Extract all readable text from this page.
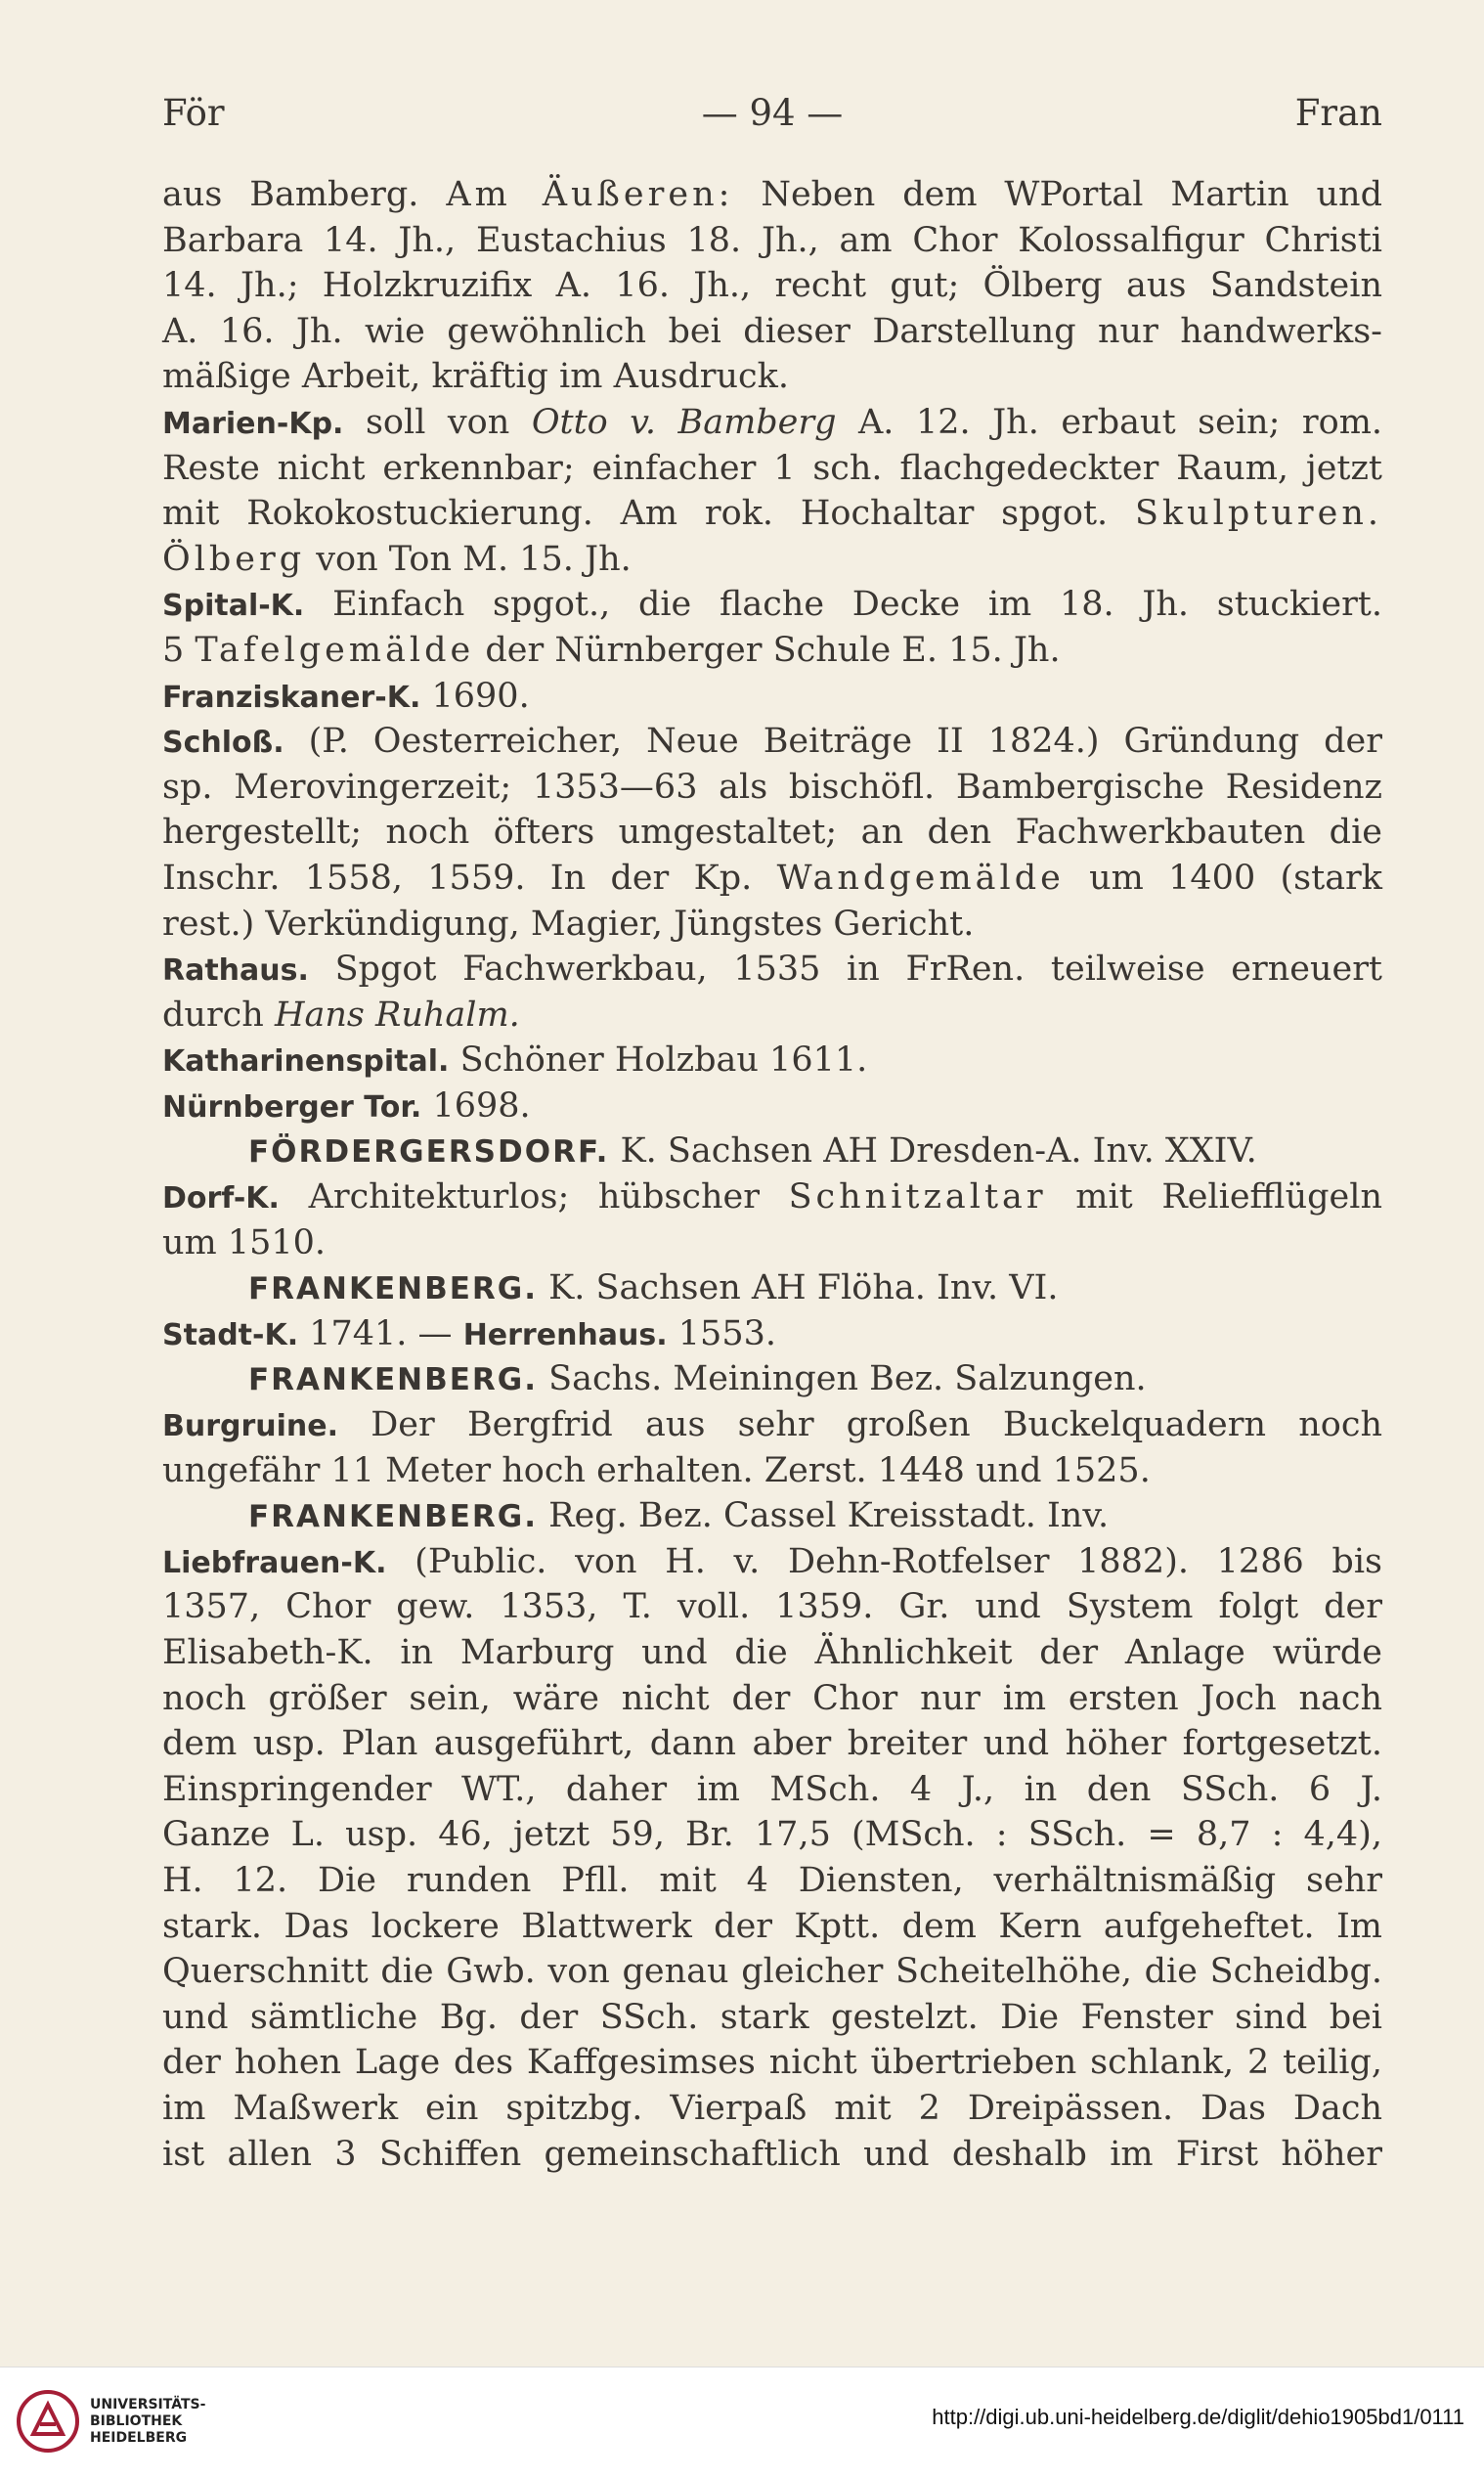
För	— 94 —	Fran
aus Bamberg. Am Äußeren: Neben dem WPortal Martin und
Barbara 14. Jh., Eustachius 18. Jh., am Chor Kolossalfigur Christi
14. Jh.; Holzkruzifix A. 16. Jh., recht gut; Ölberg aus Sandstein
A. 16. Jh. wie gewöhnlich bei dieser Darstellung nur handwerks-
mäßige Arbeit, kräftig im Ausdruck.
Marien-Kp. soll von Otto v. Bamberg A. 12. Jh. erbaut sein; rom.
Reste nicht erkennbar; einfacher 1 sch. flachgedeckter Raum, jetzt
mit Rokokostuckierung. Am rok. Hochaltar spgot. Skulpturen.
Ölberg von Ton M. 15. Jh.
Spital-K. Einfach spgot., die flache Decke im 18. Jh. stuckiert.
5 Tafelgemälde der Nürnberger Schule E. 15. Jh.
Franziskaner-K. 1690.
Schloß. (P. Oesterreicher, Neue Beiträge II 1824.) Gründung der
sp. Merovingerzeit; 1353—63 als bischöfl. Bambergische Residenz
hergestellt; noch öfters umgestaltet; an den Fachwerkbauten die
Inschr. 1558, 1559. In der Kp. Wandgemälde um 1400 (stark
rest.) Verkündigung, Magier, Jüngstes Gericht.
Rathaus. Spgot Fachwerkbau, 1535 in FrRen. teilweise erneuert
durch Hans Ruhalm.
Katharinenspital. Schöner Holzbau 1611.
Nürnberger Tor. 1698.
FÖRDERGERSDORF. K. Sachsen AH Dresden-A. Inv. XXIV.
Dorf-K. Architekturlos; hübscher Schnitzaltar mit Reliefflügeln
um 1510.
FRANKENBERG. K. Sachsen AH Flöha. Inv. VI.
Stadt-K. 1741. — Herrenhaus. 1553.
FRANKENBERG. Sachs. Meiningen Bez. Salzungen.
Burgruine. Der Bergfrid aus sehr großen Buckelquadern noch
ungefähr 11 Meter hoch erhalten. Zerst. 1448 und 1525.
FRANKENBERG. Reg. Bez. Cassel Kreisstadt. Inv.
Liebfrauen-K. (Public. von H. v. Dehn-Rotfelser 1882). 1286 bis
1357, Chor gew. 1353, T. voll. 1359. Gr. und System folgt der
Elisabeth-K. in Marburg und die Ähnlichkeit der Anlage würde
noch größer sein, wäre nicht der Chor nur im ersten Joch nach
dem usp. Plan ausgeführt, dann aber breiter und höher fortgesetzt.
Einspringender WT., daher im MSch. 4 J., in den SSch. 6 J.
Ganze L. usp. 46, jetzt 59, Br. 17,5 (MSch. : SSch. = 8,7 : 4,4),
H. 12. Die runden Pfll. mit 4 Diensten, verhältnismäßig sehr
stark. Das lockere Blattwerk der Kptt. dem Kern aufgeheftet. Im
Querschnitt die Gwb. von genau gleicher Scheitelhöhe, die Scheidbg.
und sämtliche Bg. der SSch. stark gestelzt. Die Fenster sind bei
der hohen Lage des Kaffgesimses nicht übertrieben schlank, 2 teilig,
im Maßwerk ein spitzbg. Vierpaß mit 2 Dreipässen. Das Dach
ist allen 3 Schiffen gemeinschaftlich und deshalb im First höher
UNIVERSITÄTS-
BIBLIOTHEK
HEIDELBERG
http://digi.ub.uni-heidelberg.de/diglit/dehio1905bd1/0111
